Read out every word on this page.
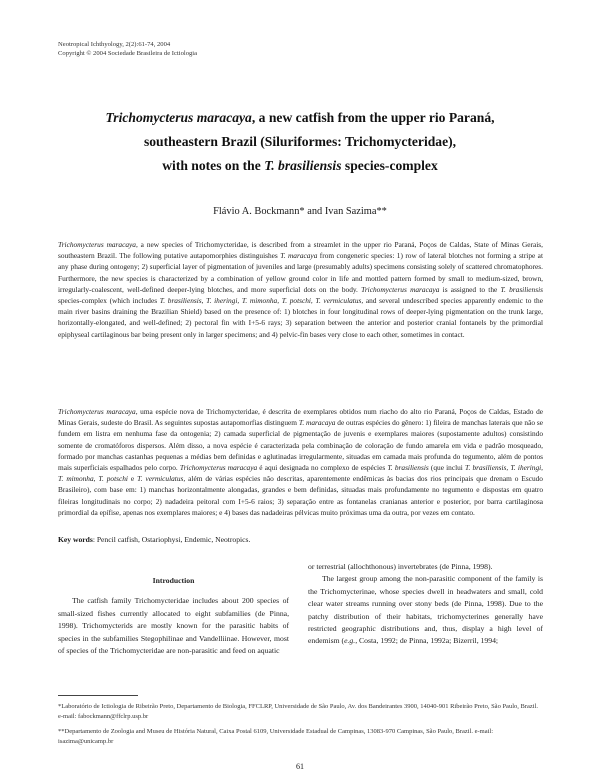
Neotropical Ichthyology, 2(2):61-74, 2004
Copyright © 2004 Sociedade Brasileira de Ictiologia
Trichomycterus maracaya, a new catfish from the upper rio Paraná,
southeastern Brazil (Siluriformes: Trichomycteridae),
with notes on the T. brasiliensis species-complex
Flávio A. Bockmann* and Ivan Sazima**

Trichomycterus maracaya, a new species of Trichomycteridae, is described from a streamlet in the upper rio Paraná, Poços de Caldas, State of Minas Gerais, southeastern Brazil. The following putative autapomorphies distinguishes T. maracaya from congeneric species: 1) row of lateral blotches not forming a stripe at any phase during ontogeny; 2) superficial layer of pigmentation of juveniles and large (presumably adults) specimens consisting solely of scattered chromatophores. Furthermore, the new species is characterized by a combination of yellow ground color in life and mottled pattern formed by small to medium-sized, brown, irregularly-coalescent, well-defined deeper-lying blotches, and more superficial dots on the body. Trichomycterus maracaya is assigned to the T. brasiliensis species-complex (which includes T. brasiliensis, T. iheringi, T. mimonha, T. potschi, T. vermiculatus, and several undescribed species apparently endemic to the main river basins draining the Brazilian Shield) based on the presence of: 1) blotches in four longitudinal rows of deeper-lying pigmentation on the trunk large, horizontally-elongated, and well-defined; 2) pectoral fin with I+5-6 rays; 3) separation between the anterior and posterior cranial fontanels by the primordial epiphyseal cartilaginous bar being present only in larger specimens; and 4) pelvic-fin bases very close to each other, sometimes in contact.

Trichomycterus maracaya, uma espécie nova de Trichomycteridae, é descrita de exemplares obtidos num riacho do alto rio Paraná, Poços de Caldas, Estado de Minas Gerais, sudeste do Brasil. As seguintes supostas autapomorfias distinguem T. maracaya de outras espécies do gênero: 1) fileira de manchas laterais que não se fundem em listra em nenhuma fase da ontogenia; 2) camada superficial de pigmentação de juvenis e exemplares maiores (supostamente adultos) consistindo somente de cromatóforos dispersos. Além disso, a nova espécie é caracterizada pela combinação de coloração de fundo amarela em vida e padrão mosqueado, formado por manchas castanhas pequenas a médias bem definidas e aglutinadas irregularmente, situadas em camada mais profunda do tegumento, além de pontos mais superficiais espalhados pelo corpo. Trichomycterus maracaya é aqui designada no complexo de espécies T. brasiliensis (que inclui T. brasiliensis, T. iheringi, T. mimonha, T. potschi e T. vermiculatus, além de várias espécies não descritas, aparentemente endêmicas às bacias dos rios principais que drenam o Escudo Brasileiro), com base em: 1) manchas horizontalmente alongadas, grandes e bem definidas, situadas mais profundamente no tegumento e dispostas em quatro fileiras longitudinais no corpo; 2) nadadeira peitoral com I+5-6 raios; 3) separação entre as fontanelas cranianas anterior e posterior, por barra cartilaginosa primordial da epífise, apenas nos exemplares maiores; e 4) bases das nadadeiras pélvicas muito próximas uma da outra, por vezes em contato.

Key words: Pencil catfish, Ostariophysi, Endemic, Neotropics.

Introduction

The catfish family Trichomycteridae includes about 200 species of small-sized fishes currently allocated to eight subfamilies (de Pinna, 1998). Trichomycterids are mostly known for the parasitic habits of species in the subfamilies Stegophilinae and Vandelliinae. However, most of species of the Trichomycteridae are non-parasitic and feed on aquatic

or terrestrial (allochthonous) invertebrates (de Pinna, 1998).

The largest group among the non-parasitic component of the family is the Trichomycterinae, whose species dwell in headwaters and small, cold clear water streams running over stony beds (de Pinna, 1998). Due to the patchy distribution of their habitats, trichomycterines generally have restricted geographic distributions and, thus, display a high level of endemism (e.g., Costa, 1992; de Pinna, 1992a; Bizerril, 1994;

*Laboratório de Ictiologia de Ribeirão Preto, Departamento de Biologia, FFCLRP, Universidade de São Paulo, Av. dos Bandeirantes 3900, 14040-901 Ribeirão Preto, São Paulo, Brazil. e-mail: fabockmann@ffclrp.usp.br
**Departamento de Zoologia and Museu de História Natural, Caixa Postal 6109, Universidade Estadual de Campinas, 13083-970 Campinas, São Paulo, Brazil. e-mail: isazima@unicamp.br
61
